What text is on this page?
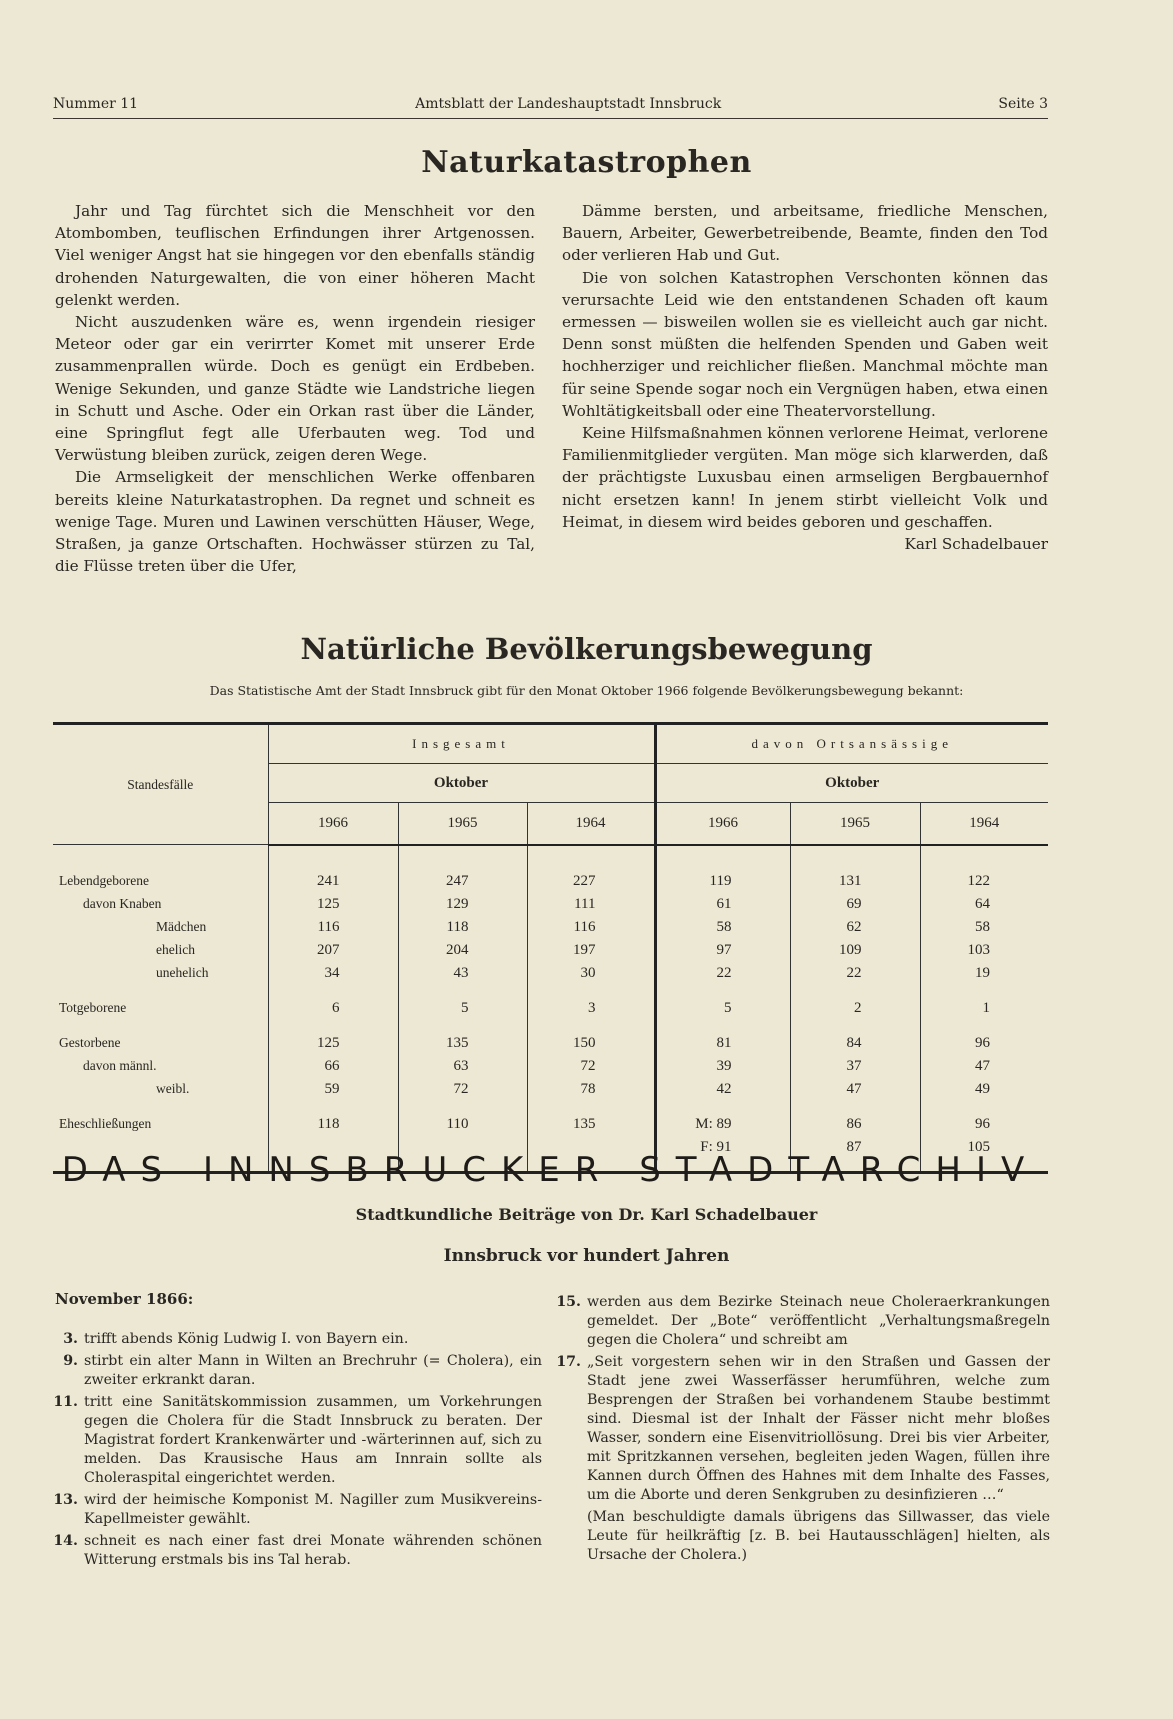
Nummer 11	Amtsblatt der Landeshauptstadt Innsbruck	Seite 3
Naturkatastrophen

Jahr und Tag fürchtet sich die Menschheit vor den Atombomben, teuflischen Erfindungen ihrer Artgenossen. Viel weniger Angst hat sie hingegen vor den ebenfalls ständig drohenden Naturgewalten, die von einer höheren Macht gelenkt werden.

Nicht auszudenken wäre es, wenn irgendein riesiger Meteor oder gar ein verirrter Komet mit unserer Erde zusammenprallen würde. Doch es genügt ein Erdbeben. Wenige Sekunden, und ganze Städte wie Landstriche liegen in Schutt und Asche. Oder ein Orkan rast über die Länder, eine Springflut fegt alle Uferbauten weg. Tod und Verwüstung bleiben zurück, zeigen deren Wege.

Die Armseligkeit der menschlichen Werke offenbaren bereits kleine Naturkatastrophen. Da regnet und schneit es wenige Tage. Muren und Lawinen verschütten Häuser, Wege, Straßen, ja ganze Ortschaften. Hochwässer stürzen zu Tal, die Flüsse treten über die Ufer,

Dämme bersten, und arbeitsame, friedliche Menschen, Bauern, Arbeiter, Gewerbetreibende, Beamte, finden den Tod oder verlieren Hab und Gut.

Die von solchen Katastrophen Verschonten können das verursachte Leid wie den entstandenen Schaden oft kaum ermessen — bisweilen wollen sie es vielleicht auch gar nicht. Denn sonst müßten die helfenden Spenden und Gaben weit hochherziger und reichlicher fließen. Manchmal möchte man für seine Spende sogar noch ein Vergnügen haben, etwa einen Wohltätigkeitsball oder eine Theatervorstellung.

Keine Hilfsmaßnahmen können verlorene Heimat, verlorene Familienmitglieder vergüten. Man möge sich klarwerden, daß der prächtigste Luxusbau einen armseligen Bergbauernhof nicht ersetzen kann! In jenem stirbt vielleicht Volk und Heimat, in diesem wird beides geboren und geschaffen.

Karl Schadelbauer
Natürliche Bevölkerungsbewegung
Das Statistische Amt der Stadt Innsbruck gibt für den Monat Oktober 1966 folgende Bevölkerungsbewegung bekannt:
Standesfälle	Insgesamt			davon Ortsansässige		
	Oktober			Oktober		
	1966	1965	1964	1966	1965	1964

Lebendgeborene	241	247	227	119	131	122
davon Knaben	125	129	111	61	69	64
Mädchen	116	118	116	58	62	58
ehelich	207	204	197	97	109	103
unehelich	34	43	30	22	22	19

Totgeborene	6	5	3	5	2	1

Gestorbene	125	135	150	81	84	96
davon männl.	66	63	72	39	37	47
weibl.	59	72	78	42	47	49

Eheschließungen	118	110	135	M: 89	86	96
				F: 91	87	105

DAS INNSBRUCKER STADTARCHIV
Stadtkundliche Beiträge von Dr. Karl Schadelbauer
Innsbruck vor hundert Jahren
November 1866:
3. trifft abends König Ludwig I. von Bayern ein.
9. stirbt ein alter Mann in Wilten an Brechruhr (= Cholera), ein zweiter erkrankt daran.
11. tritt eine Sanitätskommission zusammen, um Vorkehrungen gegen die Cholera für die Stadt Innsbruck zu beraten. Der Magistrat fordert Krankenwärter und -wärterinnen auf, sich zu melden. Das Krausische Haus am Innrain sollte als Choleraspital eingerichtet werden.
13. wird der heimische Komponist M. Nagiller zum Musikvereins-Kapellmeister gewählt.
14. schneit es nach einer fast drei Monate währenden schönen Witterung erstmals bis ins Tal herab.
15. werden aus dem Bezirke Steinach neue Choleraerkrankungen gemeldet. Der „Bote“ veröffentlicht „Verhaltungsmaßregeln gegen die Cholera“ und schreibt am
17. „Seit vorgestern sehen wir in den Straßen und Gassen der Stadt jene zwei Wasserfässer herumführen, welche zum Besprengen der Straßen bei vorhandenem Staube bestimmt sind. Diesmal ist der Inhalt der Fässer nicht mehr bloßes Wasser, sondern eine Eisenvitriollösung. Drei bis vier Arbeiter, mit Spritzkannen versehen, begleiten jeden Wagen, füllen ihre Kannen durch Öffnen des Hahnes mit dem Inhalte des Fasses, um die Aborte und deren Senkgruben zu desinfizieren …“
(Man beschuldigte damals übrigens das Sillwasser, das viele Leute für heilkräftig [z. B. bei Hautausschlägen] hielten, als Ursache der Cholera.)
